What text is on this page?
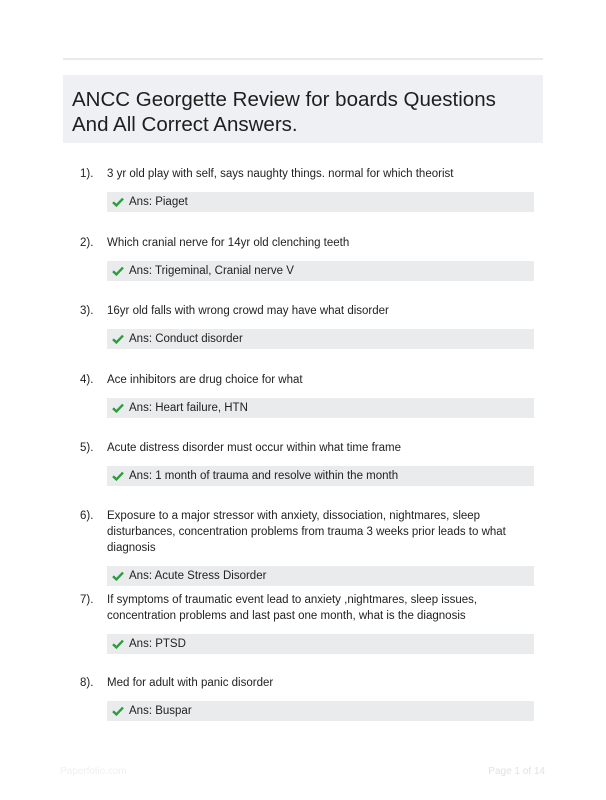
ANCC Georgette Review for boards Questions And All Correct Answers.
1).	3 yr old play with self, says naughty things. normal for which theorist
Ans: Piaget
2).	Which cranial nerve for 14yr old clenching teeth
Ans: Trigeminal, Cranial nerve V
3).	16yr old falls with wrong crowd may have what disorder
Ans: Conduct disorder
4).	Ace inhibitors are drug choice for what
Ans: Heart failure, HTN
5).	Acute distress disorder must occur within what time frame
Ans: 1 month of trauma and resolve within the month
6).	Exposure to a major stressor with anxiety, dissociation, nightmares, sleep disturbances, concentration problems from trauma 3 weeks prior leads to what diagnosis
Ans: Acute Stress Disorder
7).	If symptoms of traumatic event lead to anxiety ,nightmares, sleep issues, concentration problems and last past one month, what is the diagnosis
Ans: PTSD
8).	Med for adult with panic disorder
Ans: Buspar
Paperfolio.com	Page 1 of 14
